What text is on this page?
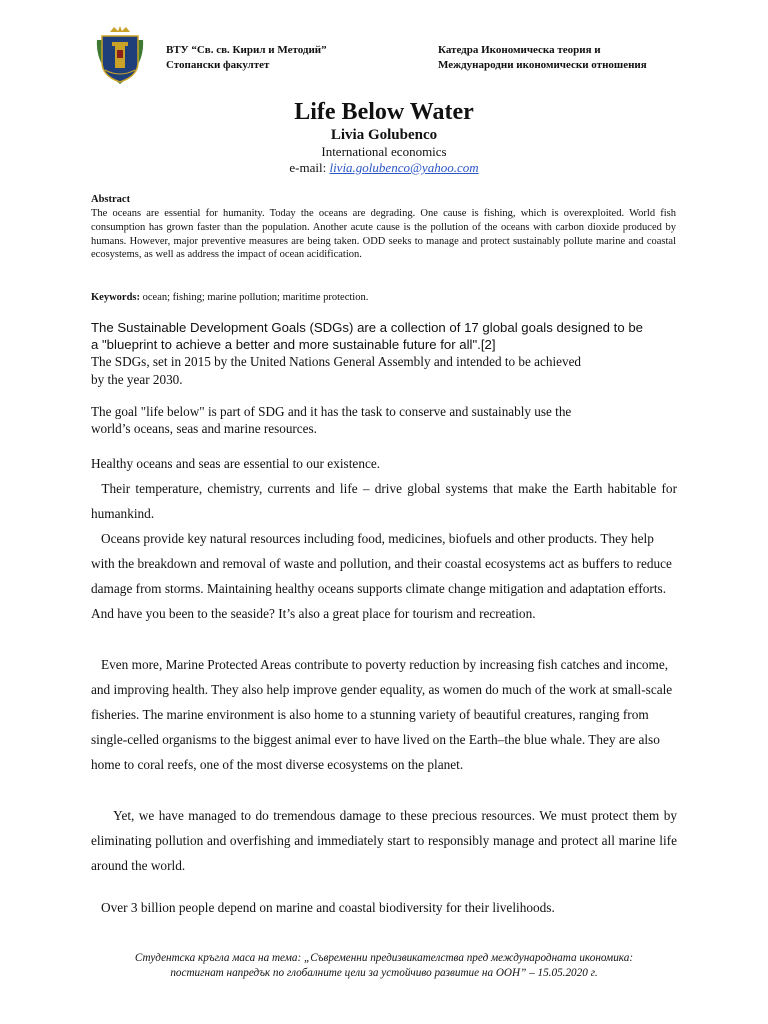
ВТУ “Св. св. Кирил и Методий”
Стопански факултет
Катедра Икономическа теория и
Международни икономически отношения
Life Below Water
Livia Golubenco
International economics
e-mail: livia.golubenco@yahoo.com
Abstract
The oceans are essential for humanity. Today the oceans are degrading. One cause is fishing, which is overexploited. World fish consumption has grown faster than the population. Another acute cause is the pollution of the oceans with carbon dioxide produced by humans. However, major preventive measures are being taken. ODD seeks to manage and protect sustainably pollute marine and coastal ecosystems, as well as address the impact of ocean acidification.
Keywords: ocean; fishing; marine pollution; maritime protection.
The Sustainable Development Goals (SDGs) are a collection of 17 global goals designed to be
a "blueprint to achieve a better and more sustainable future for all".[2]
The SDGs, set in 2015 by the United Nations General Assembly and intended to be achieved
by the year 2030.
The goal "life below" is part of SDG and it has the task to conserve and sustainably use the
world’s oceans, seas and marine resources.
Healthy oceans and seas are essential to our existence.
Their temperature, chemistry, currents and life – drive global systems that make the Earth habitable for humankind.
Oceans provide key natural resources including food, medicines, biofuels and other products. They help with the breakdown and removal of waste and pollution, and their coastal ecosystems act as buffers to reduce damage from storms. Maintaining healthy oceans supports climate change mitigation and adaptation efforts. And have you been to the seaside? It’s also a great place for tourism and recreation.
Even more, Marine Protected Areas contribute to poverty reduction by increasing fish catches and income, and improving health. They also help improve gender equality, as women do much of the work at small-scale fisheries. The marine environment is also home to a stunning variety of beautiful creatures, ranging from single-celled organisms to the biggest animal ever to have lived on the Earth–the blue whale. They are also home to coral reefs, one of the most diverse ecosystems on the planet.
Yet, we have managed to do tremendous damage to these precious resources. We must protect them by eliminating pollution and overfishing and immediately start to responsibly manage and protect all marine life around the world.
Over 3 billion people depend on marine and coastal biodiversity for their livelihoods.
Студентска кръгла маса на тема: „Съвременни предизвикателства пред международната икономика:
постигнат напредък по глобалните цели за устойчиво развитие на ООН” – 15.05.2020 г.
